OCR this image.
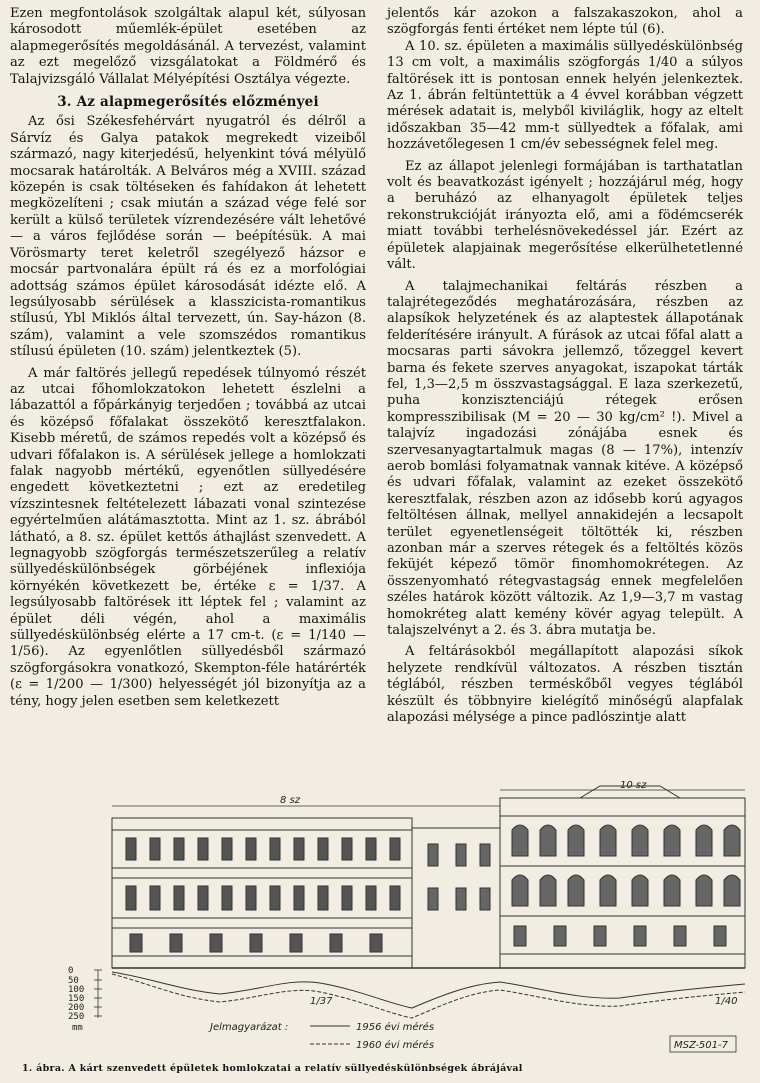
Ezen megfontolások szolgáltak alapul két, súlyosan károsodott műemlék-épület esetében az alapmegerősítés megoldásánál. A tervezést, valamint az ezt megelőző vizsgálatokat a Földmérő és Talajvizsgáló Vállalat Mélyépítési Osztálya végezte.

3. Az alapmegerősítés előzményei

Az ősi Székesfehérvárt nyugatról és délről a Sárvíz és Galya patakok megrekedt vizeiből származó, nagy kiterjedésű, helyenkint tóvá mélyülő mocsarak határolták. A Belváros még a XVIII. század közepén is csak töltéseken és fahídakon át lehetett megközelíteni ; csak miután a század vége felé sor került a külső területek vízrendezésére vált lehetővé — a város fejlődése során — beépítésük. A mai Vörösmarty teret keletről szegélyező házsor e mocsár partvonalára épült rá és ez a morfológiai adottság számos épület károsodását idézte elő. A legsúlyosabb sérülések a klasszicista-romantikus stílusú, Ybl Miklós által tervezett, ún. Say-házon (8. szám), valamint a vele szomszédos romantikus stílusú épületen (10. szám) jelentkeztek (5).

A már faltörés jellegű repedések túlnyomó részét az utcai főhomlokzatokon lehetett észlelni a lábazattól a főpárkányig terjedően ; továbbá az utcai és középső főfalakat összekötő keresztfalakon. Kisebb méretű, de számos repedés volt a középső és udvari főfalakon is. A sérülések jellege a homlokzati falak nagyobb mértékű, egyenőtlen süllyedésére engedett következtetni ; ezt az eredetileg vízszintesnek feltételezett lábazati vonal szintezése egyértelműen alátámasztotta. Mint az 1. sz. ábrából látható, a 8. sz. épület kettős áthajlást szenvedett. A legnagyobb szögforgás természetszerűleg a relatív süllyedéskülönbségek görbéjének inflexiója környékén következett be, értéke ε = 1/37. A legsúlyosabb faltörések itt léptek fel ; valamint az épület déli végén, ahol a maximális süllyedéskülönbség elérte a 17 cm-t. (ε = 1/140 — 1/56). Az egyenlőtlen süllyedésből származó szögforgásokra vonatkozó, Skempton-féle határérték (ε = 1/200 — 1/300) helyességét jól bizonyítja az a tény, hogy jelen esetben sem keletkezett

jelentős kár azokon a falszakaszokon, ahol a szögforgás fenti értéket nem lépte túl (6).

A 10. sz. épületen a maximális süllyedéskülönbség 13 cm volt, a maximális szögforgás 1/40 a súlyos faltörések itt is pontosan ennek helyén jelenkeztek. Az 1. ábrán feltüntettük a 4 évvel korábban végzett mérések adatait is, melyből kiviláglik, hogy az eltelt időszakban 35—42 mm-t süllyedtek a főfalak, ami hozzávetőlegesen 1 cm/év sebességnek felel meg.

Ez az állapot jelenlegi formájában is tarthatatlan volt és beavatkozást igényelt ; hozzájárul még, hogy a beruházó az elhanyagolt épületek teljes rekonstrukcióját irányozta elő, ami a födémcserék miatt további terhelésnövekedéssel jár. Ezért az épületek alapjainak megerősítése elkerülhetetlenné vált.

A talajmechanikai feltárás részben a talajrétegeződés meghatározására, részben az alapsíkok helyzetének és az alaptestek állapotának felderítésére irányult. A fúrások az utcai főfal alatt a mocsaras parti sávokra jellemző, tőzeggel kevert barna és fekete szerves anyagokat, iszapokat tárták fel, 1,3—2,5 m összvastagsággal. E laza szerkezetű, puha konzisztenciájú rétegek erősen kompresszibilisak (M = 20 — 30 kg/cm² !). Mivel a talajvíz ingadozási zónájába esnek és szervesanyagtartalmuk magas (8 — 17%), intenzív aerob bomlási folyamatnak vannak kitéve. A középső és udvari főfalak, valamint az ezeket összekötő keresztfalak, részben azon az idősebb korú agyagos feltöltésen állnak, mellyel annakidején a lecsapolt terület egyenetlenségeit töltötték ki, részben azonban már a szerves rétegek és a feltöltés közös feküjét képező tömör finomhomokrétegen. Az összenyomható rétegvastagság ennek megfelelően széles határok között változik. Az 1,9—3,7 m vastag homokréteg alatt kemény kövér agyag települt. A talajszelvényt a 2. és 3. ábra mutatja be.

A feltárásokból megállapított alapozási síkok helyzete rendkívül változatos. A részben tisztán téglából, részben terméskőből vegyes téglából készült és többnyire kielégítő minőségű alapfalak alapozási mélysége a pince padlószintje alatt

8 sz
10 sz
0
50
100
150
200
250
mm
1/37	1/40
Jelmagyarázat :	1956 évi mérés
1960 évi mérés	MSZ-501-7
1. ábra. A kárt szenvedett épületek homlokzatai a relatív süllyedéskülönbségek ábrájával
